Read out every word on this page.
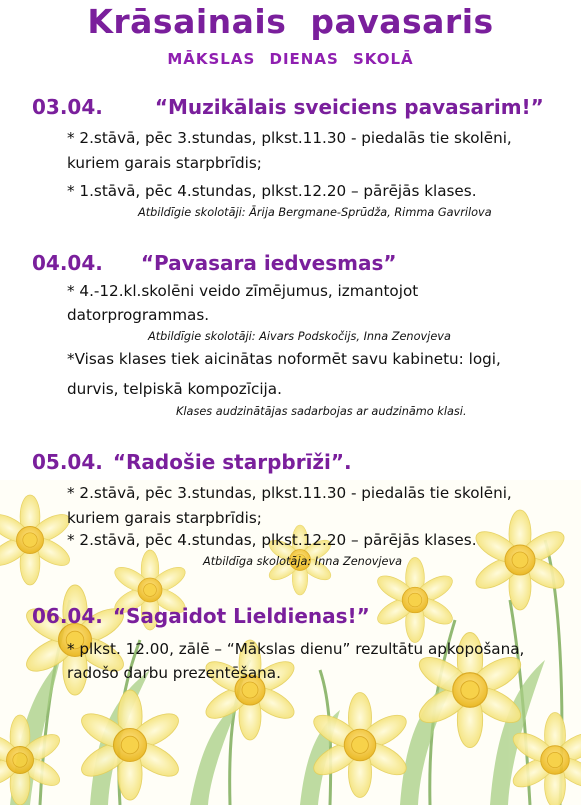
Krāsainais pavasaris
MĀKSLAS DIENAS SKOLĀ
03.04.	“Muzikālais sveiciens pavasarim!”
* 2.stāvā, pēc 3.stundas, plkst.11.30 - piedalās tie skolēni,
kuriem garais starpbrīdis;
* 1.stāvā, pēc 4.stundas, plkst.12.20 – pārējās klases.
Atbildīgie skolotāji: Ārija Bergmane-Sprūdža, Rimma Gavrilova
04.04. “Pavasara iedvesmas”
* 4.-12.kl.skolēni veido zīmējumus, izmantojot
datorprogrammas.
Atbildīgie skolotāji: Aivars Podskočijs, Inna Zenovjeva
*Visas klases tiek aicinātas noformēt savu kabinetu: logi,
durvis, telpiskā kompozīcija.
Klases audzinātājas sadarbojas ar audzināmo klasi.
05.04. “Radošie starpbrīži”.
* 2.stāvā, pēc 3.stundas, plkst.11.30 - piedalās tie skolēni,
kuriem garais starpbrīdis;
* 2.stāvā, pēc 4.stundas, plkst.12.20 – pārējās klases.
Atbildīga skolotāja: Inna Zenovjeva
06.04. “Sagaidot Lieldienas!”
* plkst. 12.00, zālē – “Mākslas dienu” rezultātu apkopošana,
radošo darbu prezentēšana.
